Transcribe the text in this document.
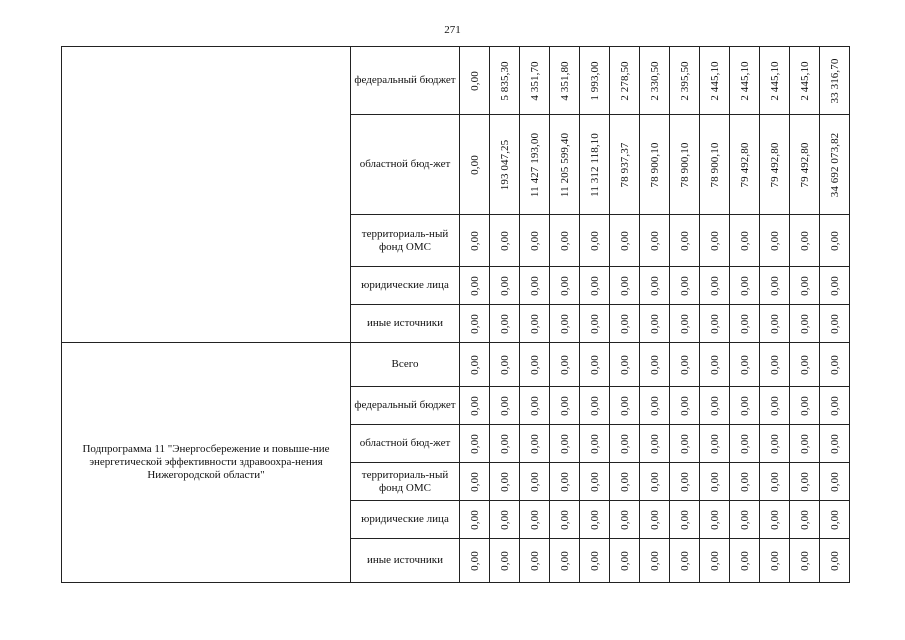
271
	федеральный бюджет	0,00	5 835,30	4 351,70	4 351,80	1 993,00	2 278,50	2 330,50	2 395,50	2 445,10	2 445,10	2 445,10	2 445,10	33 316,70

	областной бюд-жет	0,00	193 047,25	11 427 193,00	11 205 599,40	11 312 118,10	78 937,37	78 900,10	78 900,10	78 900,10	79 492,80	79 492,80	79 492,80	34 692 073,82

	территориаль-ный фонд ОМС	0,00	0,00	0,00	0,00	0,00	0,00	0,00	0,00	0,00	0,00	0,00	0,00	0,00

	юридические лица	0,00	0,00	0,00	0,00	0,00	0,00	0,00	0,00	0,00	0,00	0,00	0,00	0,00

	иные источники	0,00	0,00	0,00	0,00	0,00	0,00	0,00	0,00	0,00	0,00	0,00	0,00	0,00

Подпрограмма 11 "Энергосбережение и повыше-ние энергетической эффективности здравоохра-нения Нижегородской области"	Всего	0,00	0,00	0,00	0,00	0,00	0,00	0,00	0,00	0,00	0,00	0,00	0,00	0,00

	федеральный бюджет	0,00	0,00	0,00	0,00	0,00	0,00	0,00	0,00	0,00	0,00	0,00	0,00	0,00

	областной бюд-жет	0,00	0,00	0,00	0,00	0,00	0,00	0,00	0,00	0,00	0,00	0,00	0,00	0,00

	территориаль-ный фонд ОМС	0,00	0,00	0,00	0,00	0,00	0,00	0,00	0,00	0,00	0,00	0,00	0,00	0,00

	юридические лица	0,00	0,00	0,00	0,00	0,00	0,00	0,00	0,00	0,00	0,00	0,00	0,00	0,00

	иные источники	0,00	0,00	0,00	0,00	0,00	0,00	0,00	0,00	0,00	0,00	0,00	0,00	0,00
